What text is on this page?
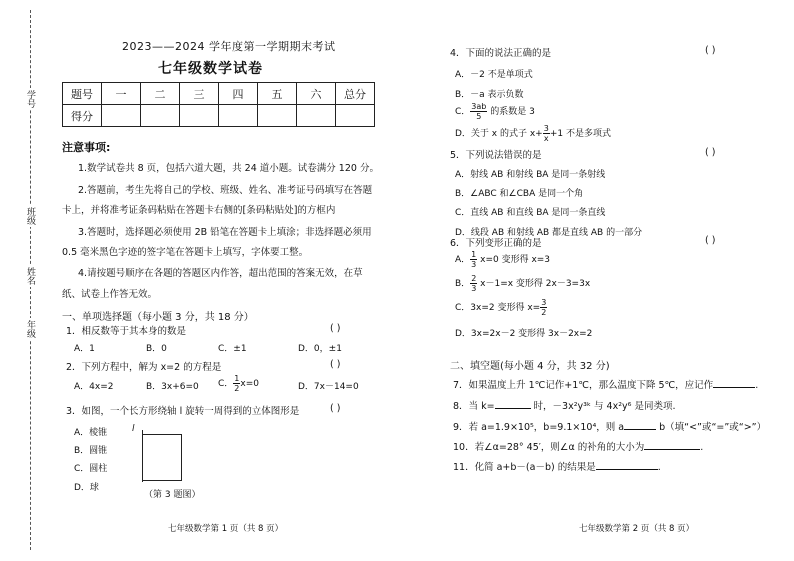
学号
班级
姓名
年级
2023——2024 学年度第一学期期末考试
七年级数学试卷
题号	一	二	三	四	五	六	总分
得分							
注意事项:
1.数学试卷共 8 页，包括六道大题，共 24 道小题。试卷满分 120 分。
2.答题前，考生先将自己的学校、班级、姓名、准考证号码填写在答题
卡上，并将准考证条码粘贴在答题卡右侧的[条码粘贴处]的方框内
3.答题时，选择题必须使用 2B 铅笔在答题卡上填涂；非选择题必须用
0.5 毫米黑色字迹的签字笔在答题卡上填写，字体要工整。
4.请按题号顺序在各题的答题区内作答，超出范围的答案无效，在草
纸、试卷上作答无效。
一、单项选择题（每小题 3 分，共 18 分）
1．相反数等于其本身的数是	( )
A．1	B．0	C．±1	D．0，±1
2．下列方程中，解为 x=2 的方程是	( )
A．4x=2	B．3x+6=0 C． $\frac{1}{2} x=0$	D．7x－14=0
3．如图，一个长方形绕轴 l 旋转一周得到的立体图形是	( )
A．棱锥
B．圆锥
C．圆柱
D．球
l
（第 3 题图）
七年级数学第 1 页（共 8 页）
4．下面的说法正确的是	( )
A．－2 不是单项式
B．－a 表示负数
C． $\frac{3ab}{5}$ 的系数是 3
D．关于 x 的式子 $x+ \frac{3}{x} +1$ 不是多项式
5．下列说法错误的是	( )
A．射线 AB 和射线 BA 是同一条射线
B．∠ABC 和∠CBA 是同一个角
C．直线 AB 和直线 BA 是同一条直线
D．线段 AB 和射线 AB 都是直线 AB 的一部分
6．下列变形正确的是	( )
A． $\frac{1}{3} x=0$ 变形得 x=3
B． $\frac{2}{3} x-1=x$ 变形得 2x－3=3x
C．3x=2 变形得 $x= \frac{3}{2}$
D．3x=2x－2 变形得 3x－2x=2
二、填空题(每小题 4 分，共 32 分)
7．如果温度上升 1℃记作+1℃，那么温度下降 5℃，应记作	.
8．当 k=	时，－3x²y³ᵏ 与 4x²y⁶ 是同类项.
9．若 a=1.9×10⁵，b=9.1×10⁴，则 a	b（填“<”或“=”或“>”）
10．若∠α=28° 45′，则∠α 的补角的大小为	.
11．化简 a+b－(a－b) 的结果是	.
七年级数学第 2 页（共 8 页）
